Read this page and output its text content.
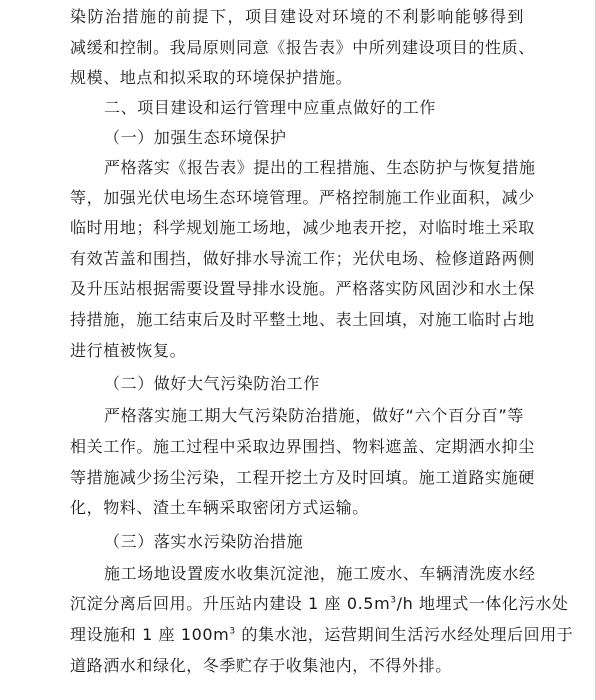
染防治措施的前提下，项目建设对环境的不利影响能够得到
减缓和控制。我局原则同意《报告表》中所列建设项目的性质、
规模、地点和拟采取的环境保护措施。
二、项目建设和运行管理中应重点做好的工作
（一）加强生态环境保护
严格落实《报告表》提出的工程措施、生态防护与恢复措施
等，加强光伏电场生态环境管理。严格控制施工作业面积，减少
临时用地；科学规划施工场地，减少地表开挖，对临时堆土采取
有效苫盖和围挡，做好排水导流工作；光伏电场、检修道路两侧
及升压站根据需要设置导排水设施。严格落实防风固沙和水土保
持措施，施工结束后及时平整土地、表土回填，对施工临时占地
进行植被恢复。
（二）做好大气污染防治工作
严格落实施工期大气污染防治措施，做好“六个百分百”等
相关工作。施工过程中采取边界围挡、物料遮盖、定期洒水抑尘
等措施减少扬尘污染，工程开挖土方及时回填。施工道路实施硬
化，物料、渣土车辆采取密闭方式运输。
（三）落实水污染防治措施
施工场地设置废水收集沉淀池，施工废水、车辆清洗废水经
沉淀分离后回用。升压站内建设 1 座 $0.5m^3/h$ 地埋式一体化污水处
理设施和 1 座 $100m^3$ 的集水池，运营期间生活污水经处理后回用于
道路洒水和绿化，冬季贮存于收集池内，不得外排。
